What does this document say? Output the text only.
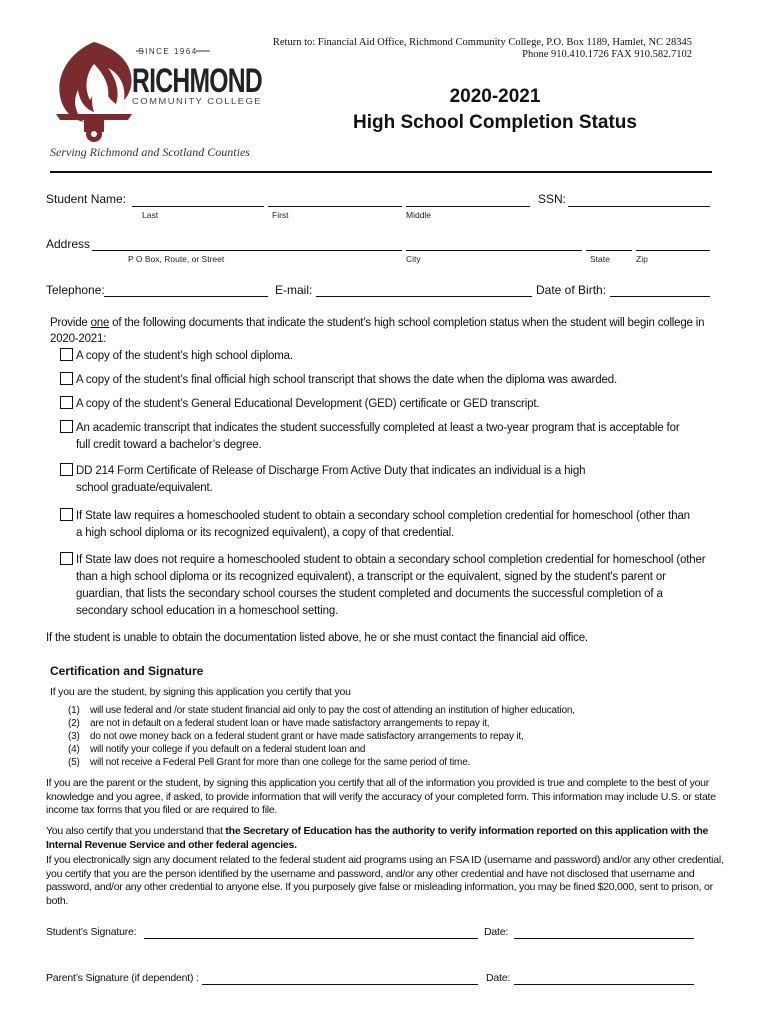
SINCE 1964
RICHMOND
COMMUNITY COLLEGE
Return to: Financial Aid Office, Richmond Community College, P.O. Box 1189, Hamlet, NC 28345
Phone 910.410.1726 FAX 910.582.7102
2020-2021
High School Completion Status
Serving Richmond and Scotland Counties
Student Name:
Last	First	Middle
SSN:
Address
P O Box, Route, or Street	City	State	Zip
Telephone:	E-mail:	Date of Birth:
Provide one of the following documents that indicate the student’s high school completion status when the student will begin college in 2020-2021:
A copy of the student’s high school diploma.
A copy of the student’s final official high school transcript that shows the date when the diploma was awarded.
A copy of the student’s General Educational Development (GED) certificate or GED transcript.
An academic transcript that indicates the student successfully completed at least a two-year program that is acceptable for
full credit toward a bachelor’s degree.
DD 214 Form Certificate of Release of Discharge From Active Duty that indicates an individual is a high
school graduate/equivalent.
If State law requires a homeschooled student to obtain a secondary school completion credential for homeschool (other than
a high school diploma or its recognized equivalent), a copy of that credential.
If State law does not require a homeschooled student to obtain a secondary school completion credential for homeschool (other
than a high school diploma or its recognized equivalent), a transcript or the equivalent, signed by the student's parent or
guardian, that lists the secondary school courses the student completed and documents the successful completion of a
secondary school education in a homeschool setting.
If the student is unable to obtain the documentation listed above, he or she must contact the financial aid office.
Certification and Signature
If you are the student, by signing this application you certify that you
(1) will use federal and /or state student financial aid only to pay the cost of attending an institution of higher education,
(2) are not in default on a federal student loan or have made satisfactory arrangements to repay it,
(3) do not owe money back on a federal student grant or have made satisfactory arrangements to repay it,
(4) will notify your college if you default on a federal student loan and
(5) will not receive a Federal Pell Grant for more than one college for the same period of time.
If you are the parent or the student, by signing this application you certify that all of the information you provided is true and complete to the best of your knowledge and you agree, if asked, to provide information that will verify the accuracy of your completed form. This information may include U.S. or state income tax forms that you filed or are required to file.
You also certify that you understand that the Secretary of Education has the authority to verify information reported on this application with the Internal Revenue Service and other federal agencies.
If you electronically sign any document related to the federal student aid programs using an FSA ID (username and password) and/or any other credential, you certify that you are the person identified by the username and password, and/or any other credential and have not disclosed that username and password, and/or any other credential to anyone else. If you purposely give false or misleading information, you may be fined $20,000, sent to prison, or both.
Student’s Signature:	Date:
Parent’s Signature (if dependent) :	Date:
